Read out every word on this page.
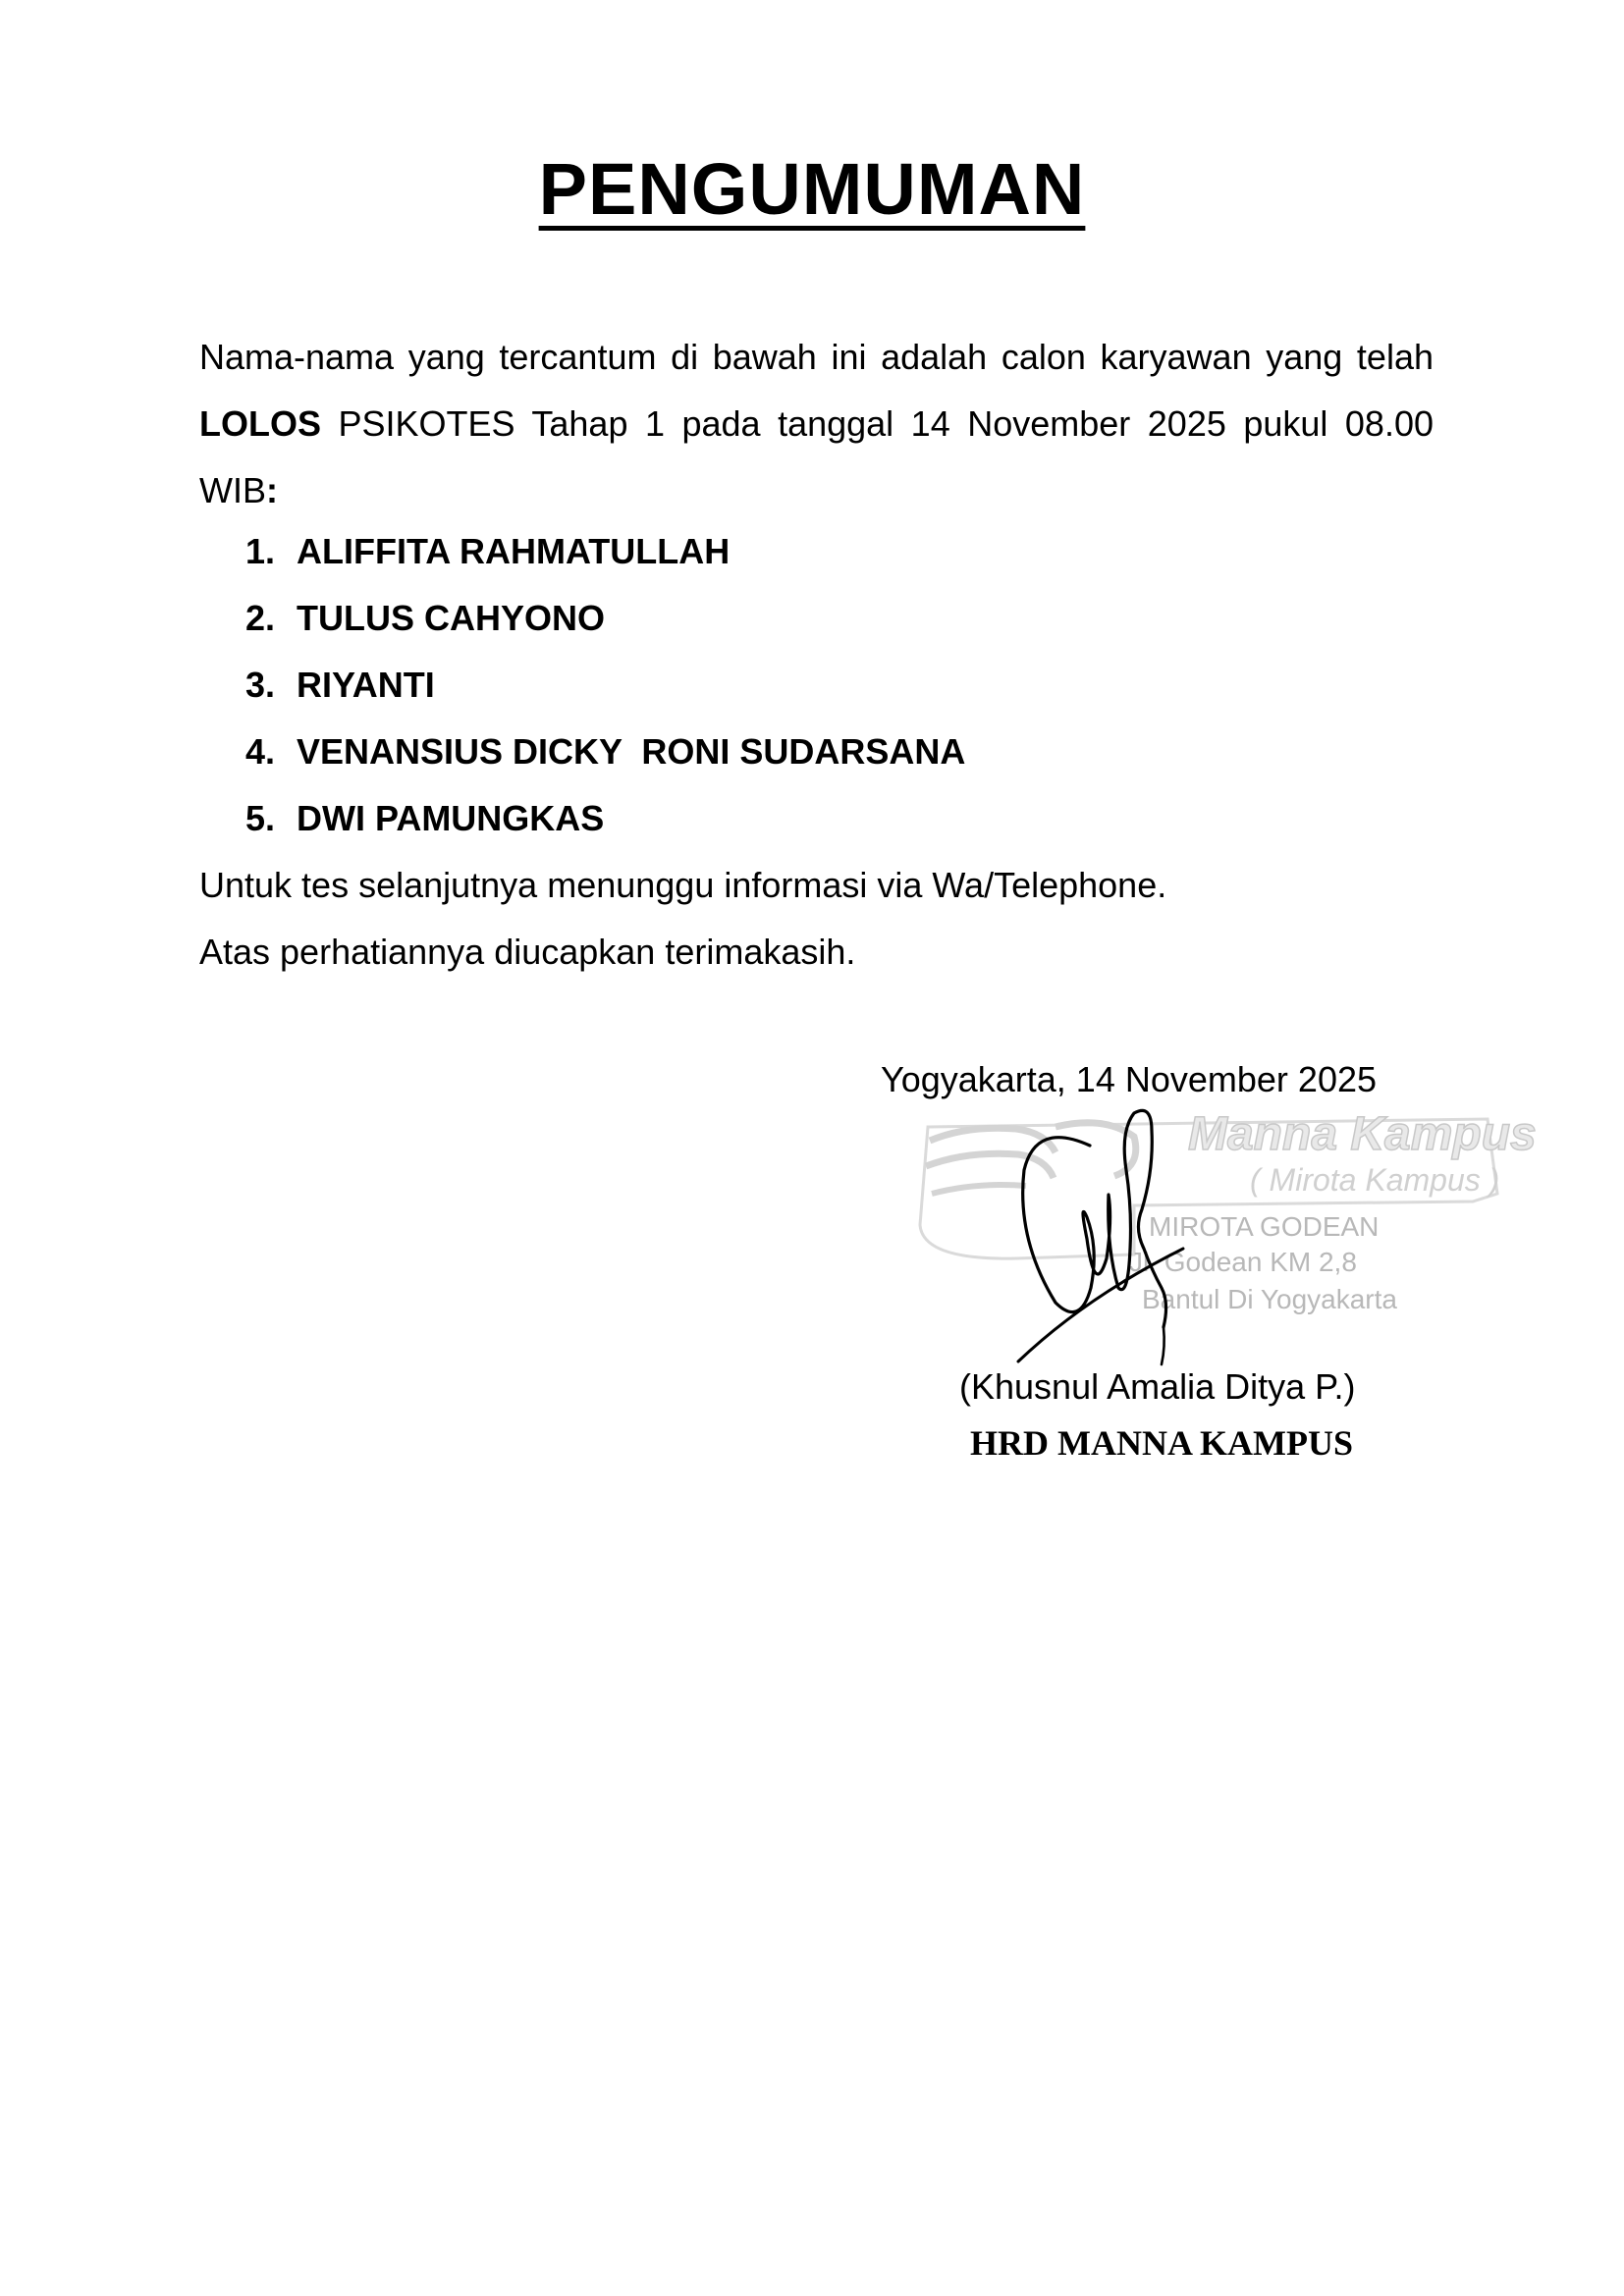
PENGUMUMAN
Nama-nama yang tercantum di bawah ini adalah calon karyawan yang telah LOLOS PSIKOTES Tahap 1 pada tanggal 14 November 2025 pukul 08.00 WIB:
1. ALIFFITA RAHMATULLAH
2. TULUS CAHYONO
3. RIYANTI
4. VENANSIUS DICKY  RONI SUDARSANA
5. DWI PAMUNGKAS
Untuk tes selanjutnya menunggu informasi via Wa/Telephone.
Atas perhatiannya diucapkan terimakasih.
Yogyakarta, 14 November 2025
Manna Kampus
( Mirota Kampus )
MIROTA GODEAN
Jl. Godean KM 2,8
Bantul Di Yogyakarta
(Khusnul Amalia Ditya P.)
HRD MANNA KAMPUS
